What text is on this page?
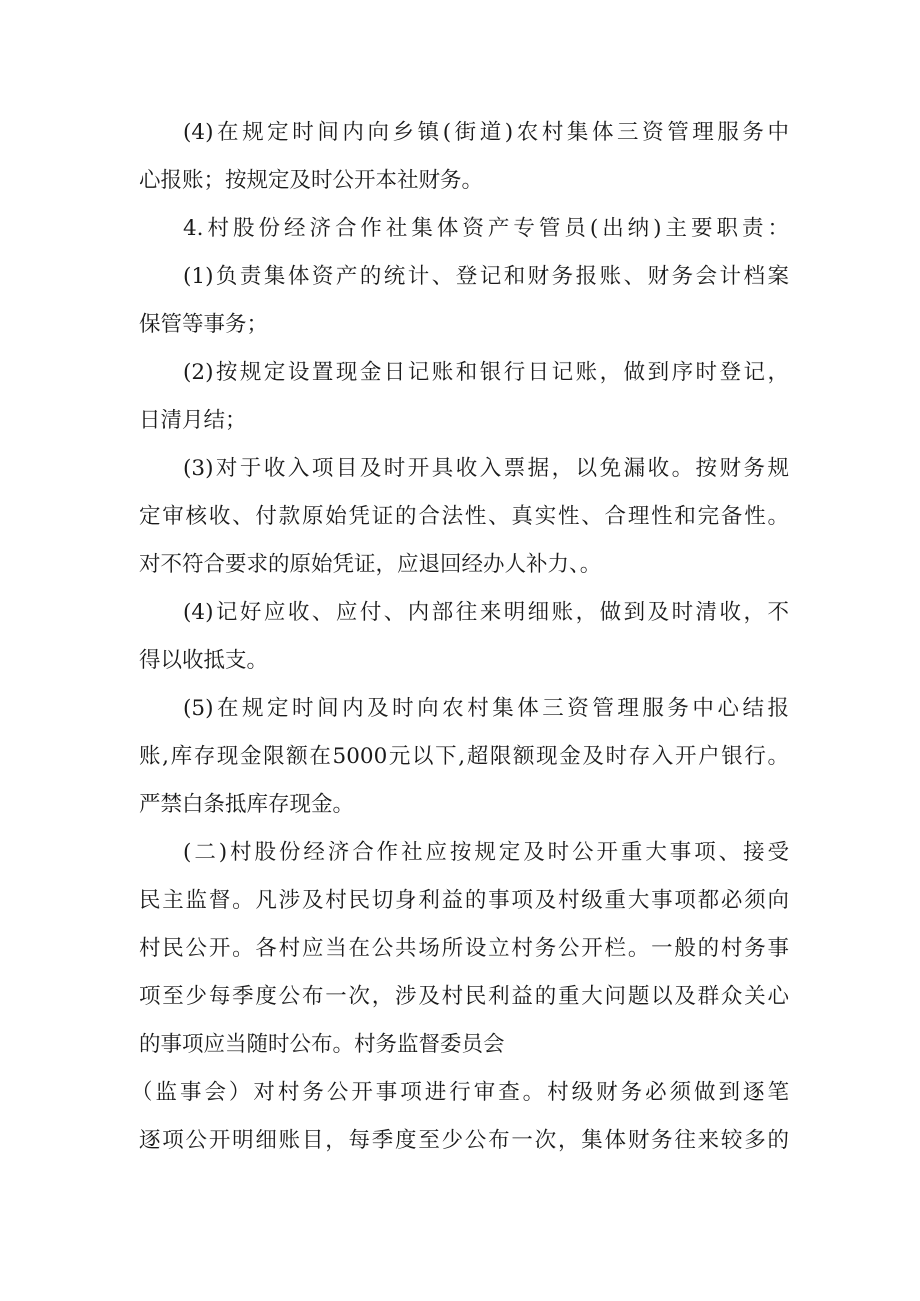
(4)在规定时间内向乡镇(街道)农村集体三资管理服务中
心报账；按规定及时公开本社财务。
4.村股份经济合作社集体资产专管员(出纳)主要职责：
(1)负责集体资产的统计、登记和财务报账、财务会计档案
保管等事务；
(2)按规定设置现金日记账和银行日记账，做到序时登记，
日清月结；
(3)对于收入项目及时开具收入票据，以免漏收。按财务规
定审核收、付款原始凭证的合法性、真实性、合理性和完备性。
对不符合要求的原始凭证，应退回经办人补力、。
(4)记好应收、应付、内部往来明细账，做到及时清收，不
得以收抵支。
(5)在规定时间内及时向农村集体三资管理服务中心结报
账,库存现金限额在5000元以下,超限额现金及时存入开户银行。
严禁白条抵库存现金。
(二)村股份经济合作社应按规定及时公开重大事项、接受
民主监督。凡涉及村民切身利益的事项及村级重大事项都必须向
村民公开。各村应当在公共场所设立村务公开栏。一般的村务事
项至少每季度公布一次，涉及村民利益的重大问题以及群众关心
的事项应当随时公布。村务监督委员会
（监事会）对村务公开事项进行审查。村级财务必须做到逐笔
逐项公开明细账目，每季度至少公布一次，集体财务往来较多的
